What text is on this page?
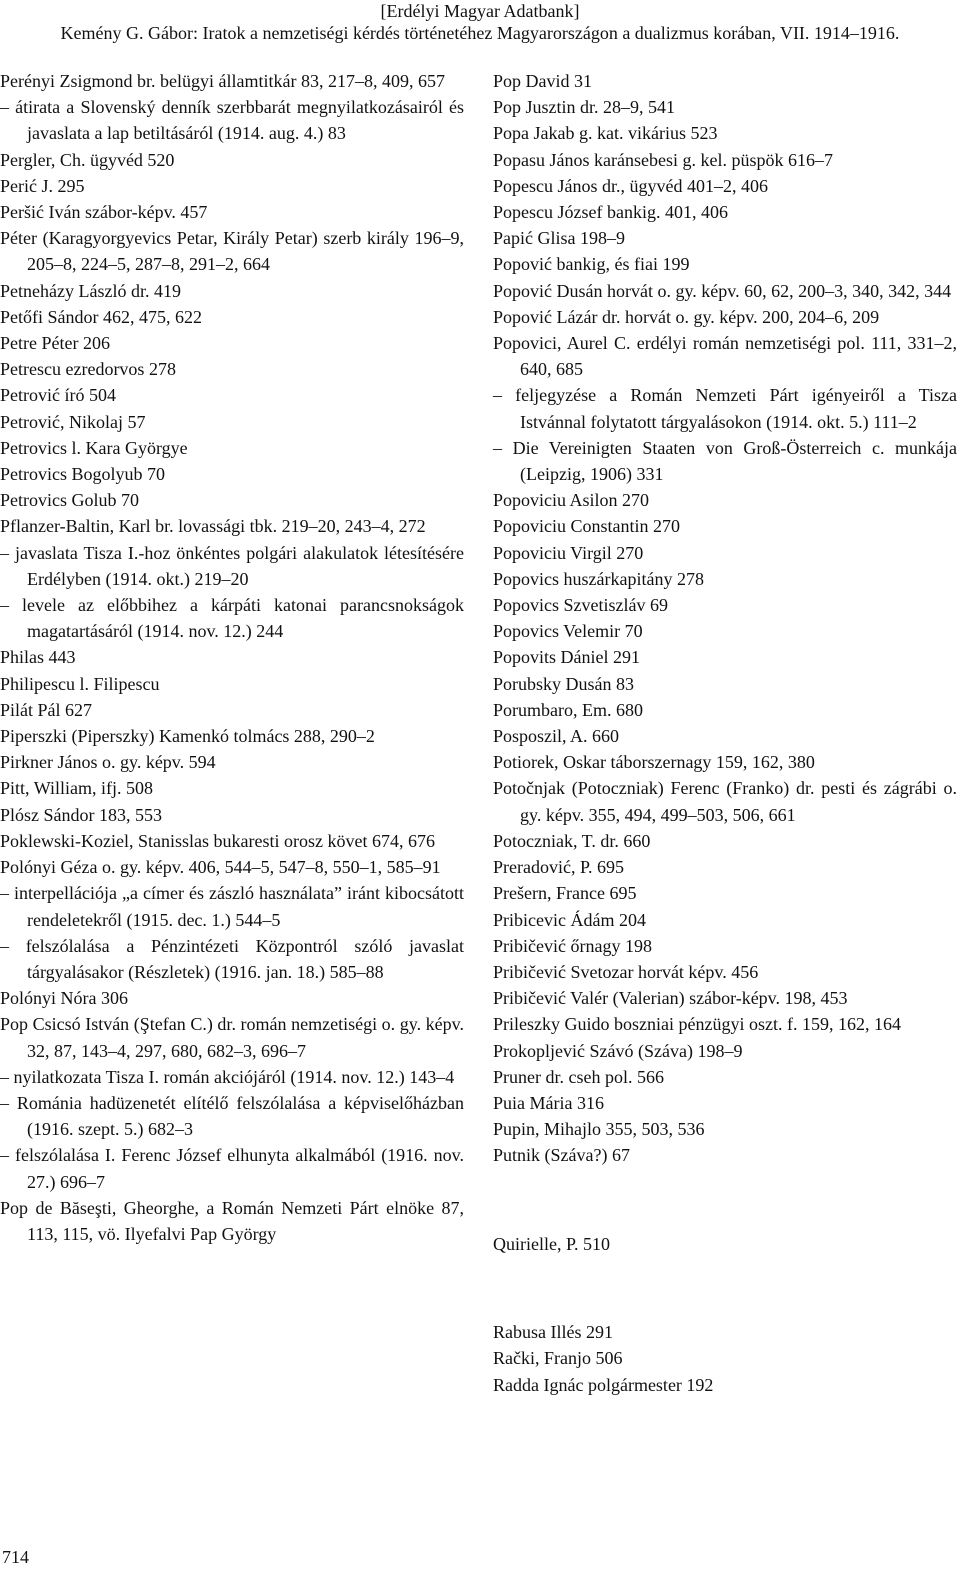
[Erdélyi Magyar Adatbank]
Kemény G. Gábor: Iratok a nemzetiségi kérdés történetéhez Magyarországon a dualizmus korában, VII. 1914–1916.

Perényi Zsigmond br. belügyi államtitkár 83, 217–8, 409, 657

– átirata a Slovenský denník szerbbarát megnyilatkozásairól és javaslata a lap betiltásáról (1914. aug. 4.) 83

Pergler, Ch. ügyvéd 520

Perić J. 295

Peršić Iván szábor-képv. 457

Péter (Karagyorgyevics Petar, Király Petar) szerb király 196–9, 205–8, 224–5, 287–8, 291–2, 664

Petneházy László dr. 419

Petőfi Sándor 462, 475, 622

Petre Péter 206

Petrescu ezredorvos 278

Petrović író 504

Petrović, Nikolaj 57

Petrovics l. Kara Györgye

Petrovics Bogolyub 70

Petrovics Golub 70

Pflanzer-Baltin, Karl br. lovassági tbk. 219–20, 243–4, 272

– javaslata Tisza I.-hoz önkéntes polgári alakulatok létesítésére Erdélyben (1914. okt.) 219–20

– levele az előbbihez a kárpáti katonai parancsnokságok magatartásáról (1914. nov. 12.) 244

Philas 443

Philipescu l. Filipescu

Pilát Pál 627

Piperszki (Piperszky) Kamenkó tolmács 288, 290–2

Pirkner János o. gy. képv. 594

Pitt, William, ifj. 508

Plósz Sándor 183, 553

Poklewski-Koziel, Stanisslas bukaresti orosz követ 674, 676

Polónyi Géza o. gy. képv. 406, 544–5, 547–8, 550–1, 585–91

– interpellációja „a címer és zászló használata” iránt kibocsátott rendeletekről (1915. dec. 1.) 544–5

– felszólalása a Pénzintézeti Központról szóló javaslat tárgyalásakor (Részletek) (1916. jan. 18.) 585–88

Polónyi Nóra 306

Pop Csicsó István (Ştefan C.) dr. román nemzetiségi o. gy. képv. 32, 87, 143–4, 297, 680, 682–3, 696–7

– nyilatkozata Tisza I. román akciójáról (1914. nov. 12.) 143–4

– Románia hadüzenetét elítélő felszólalása a képviselőházban (1916. szept. 5.) 682–3

– felszólalása I. Ferenc József elhunyta alkalmából (1916. nov. 27.) 696–7

Pop de Băseşti, Gheorghe, a Román Nemzeti Párt elnöke 87, 113, 115, vö. Ilyefalvi Pap György

Pop David 31

Pop Jusztin dr. 28–9, 541

Popa Jakab g. kat. vikárius 523

Popasu János karánsebesi g. kel. püspök 616–7

Popescu János dr., ügyvéd 401–2, 406

Popescu József bankig. 401, 406

Papić Glisa 198–9

Popović bankig, és fiai 199

Popović Dusán horvát o. gy. képv. 60, 62, 200–3, 340, 342, 344

Popović Lázár dr. horvát o. gy. képv. 200, 204–6, 209

Popovici, Aurel C. erdélyi román nemzetiségi pol. 111, 331–2, 640, 685

– feljegyzése a Román Nemzeti Párt igényeiről a Tisza Istvánnal folytatott tárgyalásokon (1914. okt. 5.) 111–2

– Die Vereinigten Staaten von Groß-Österreich c. munkája (Leipzig, 1906) 331

Popoviciu Asilon 270

Popoviciu Constantin 270

Popoviciu Virgil 270

Popovics huszárkapitány 278

Popovics Szvetiszláv 69

Popovics Velemir 70

Popovits Dániel 291

Porubsky Dusán 83

Porumbaro, Em. 680

Posposzil, A. 660

Potiorek, Oskar táborszernagy 159, 162, 380

Potočnjak (Potoczniak) Ferenc (Franko) dr. pesti és zágrábi o. gy. képv. 355, 494, 499–503, 506, 661

Potoczniak, T. dr. 660

Preradović, P. 695

Prešern, France 695

Pribicevic Ádám 204

Pribičević őrnagy 198

Pribičević Svetozar horvát képv. 456

Pribičević Valér (Valerian) szábor-képv. 198, 453

Prileszky Guido boszniai pénzügyi oszt. f. 159, 162, 164

Prokopljević Szávó (Száva) 198–9

Pruner dr. cseh pol. 566

Puia Mária 316

Pupin, Mihajlo 355, 503, 536

Putnik (Száva?) 67

Quirielle, P. 510

Rabusa Illés 291

Rački, Franjo 506

Radda Ignác polgármester 192

714
